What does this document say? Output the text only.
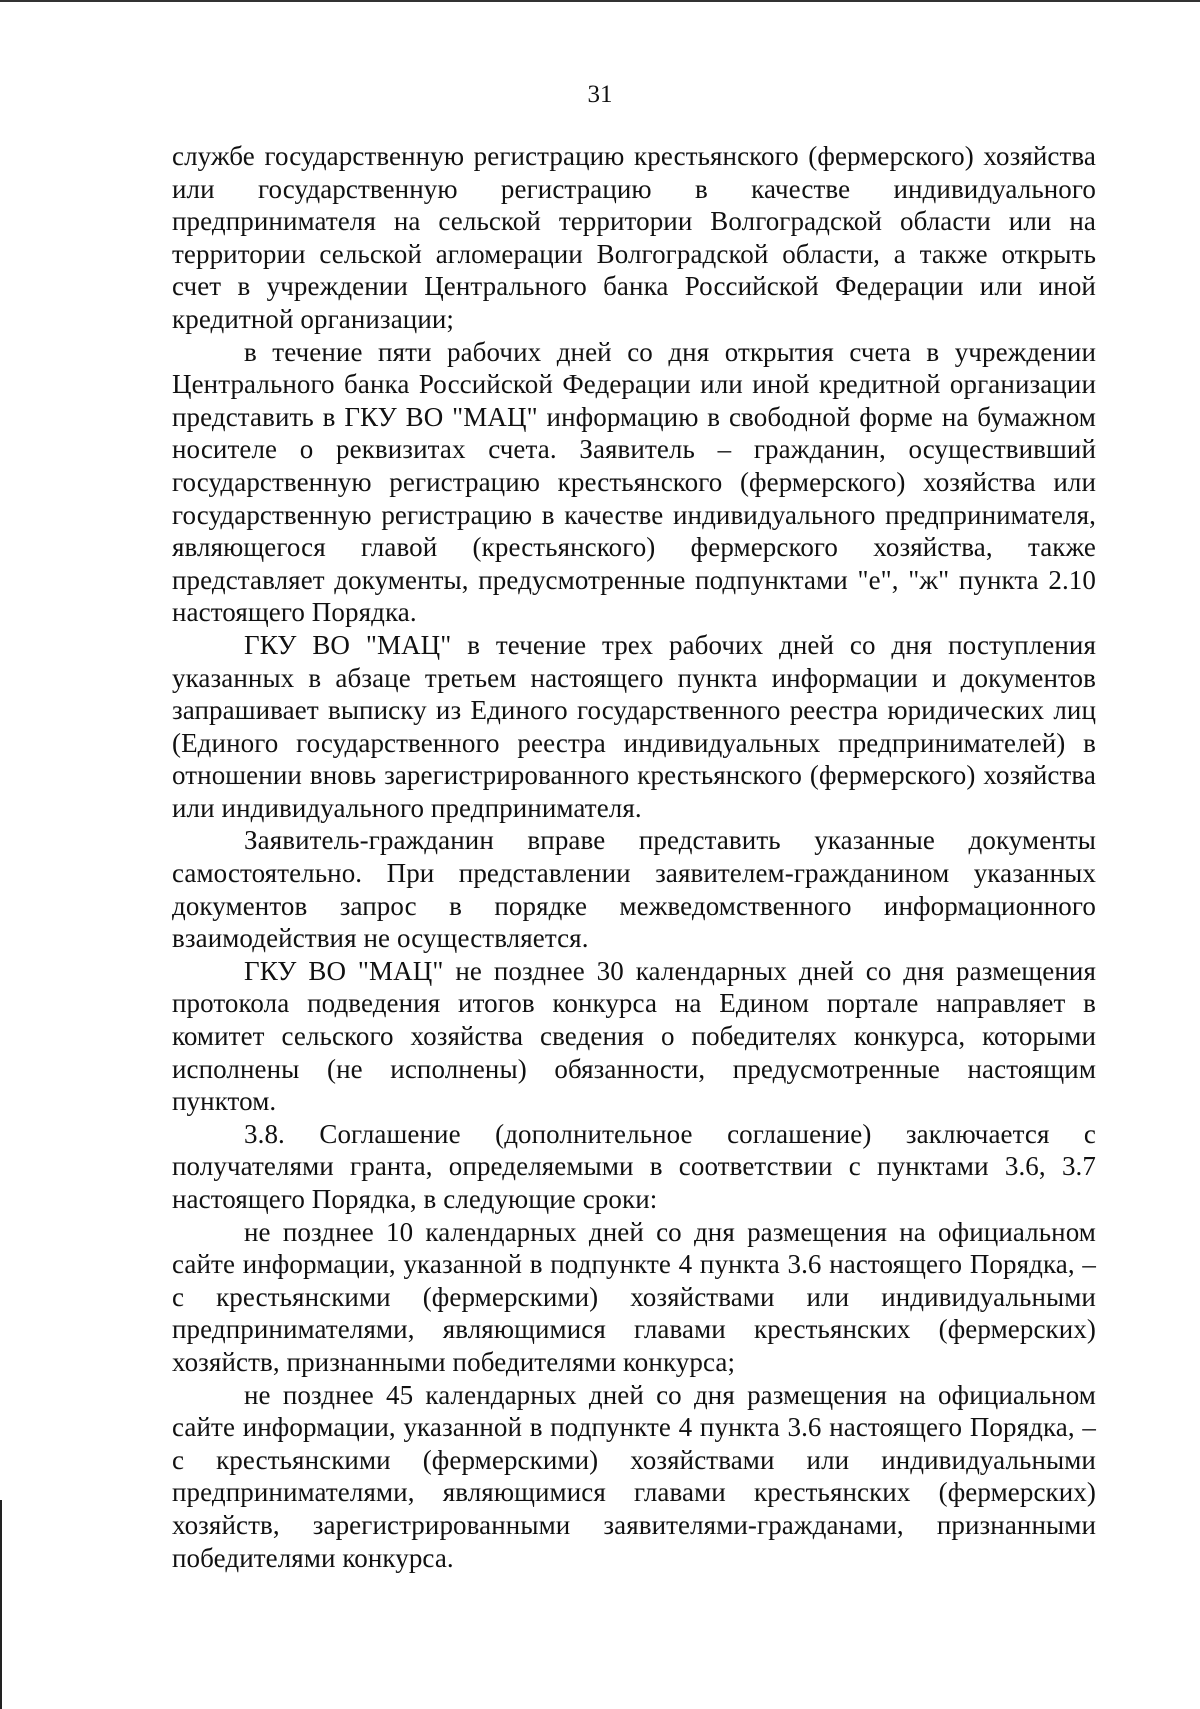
31

службе государственную регистрацию крестьянского (фермерского) хозяйства или государственную регистрацию в качестве индивидуального предпринимателя на сельской территории Волгоградской области или на территории сельской агломерации Волгоградской области, а также открыть счет в учреждении Центрального банка Российской Федерации или иной кредитной организации;

в течение пяти рабочих дней со дня открытия счета в учреждении Центрального банка Российской Федерации или иной кредитной организации представить в ГКУ ВО "МАЦ" информацию в свободной форме на бумажном носителе о реквизитах счета. Заявитель – гражданин, осуществивший государственную регистрацию крестьянского (фермерского) хозяйства или государственную регистрацию в качестве индивидуального предпринимателя, являющегося главой (крестьянского) фермерского хозяйства, также представляет документы, предусмотренные подпунктами "е", "ж" пункта 2.10 настоящего Порядка.

ГКУ ВО "МАЦ" в течение трех рабочих дней со дня поступления указанных в абзаце третьем настоящего пункта информации и документов запрашивает выписку из Единого государственного реестра юридических лиц (Единого государственного реестра индивидуальных предпринимателей) в отношении вновь зарегистрированного крестьянского (фермерского) хозяйства или индивидуального предпринимателя.

Заявитель-гражданин вправе представить указанные документы самостоятельно. При представлении заявителем-гражданином указанных документов запрос в порядке межведомственного информационного взаимодействия не осуществляется.

ГКУ ВО "МАЦ" не позднее 30 календарных дней со дня размещения протокола подведения итогов конкурса на Едином портале направляет в комитет сельского хозяйства сведения о победителях конкурса, которыми исполнены (не исполнены) обязанности, предусмотренные настоящим пунктом.

3.8. Соглашение (дополнительное соглашение) заключается с получателями гранта, определяемыми в соответствии с пунктами 3.6, 3.7 настоящего Порядка, в следующие сроки:

не позднее 10 календарных дней со дня размещения на официальном сайте информации, указанной в подпункте 4 пункта 3.6 настоящего Порядка, – с крестьянскими (фермерскими) хозяйствами или индивидуальными предпринимателями, являющимися главами крестьянских (фермерских) хозяйств, признанными победителями конкурса;

не позднее 45 календарных дней со дня размещения на официальном сайте информации, указанной в подпункте 4 пункта 3.6 настоящего Порядка, – с крестьянскими (фермерскими) хозяйствами или индивидуальными предпринимателями, являющимися главами крестьянских (фермерских) хозяйств, зарегистрированными заявителями-гражданами, признанными победителями конкурса.
